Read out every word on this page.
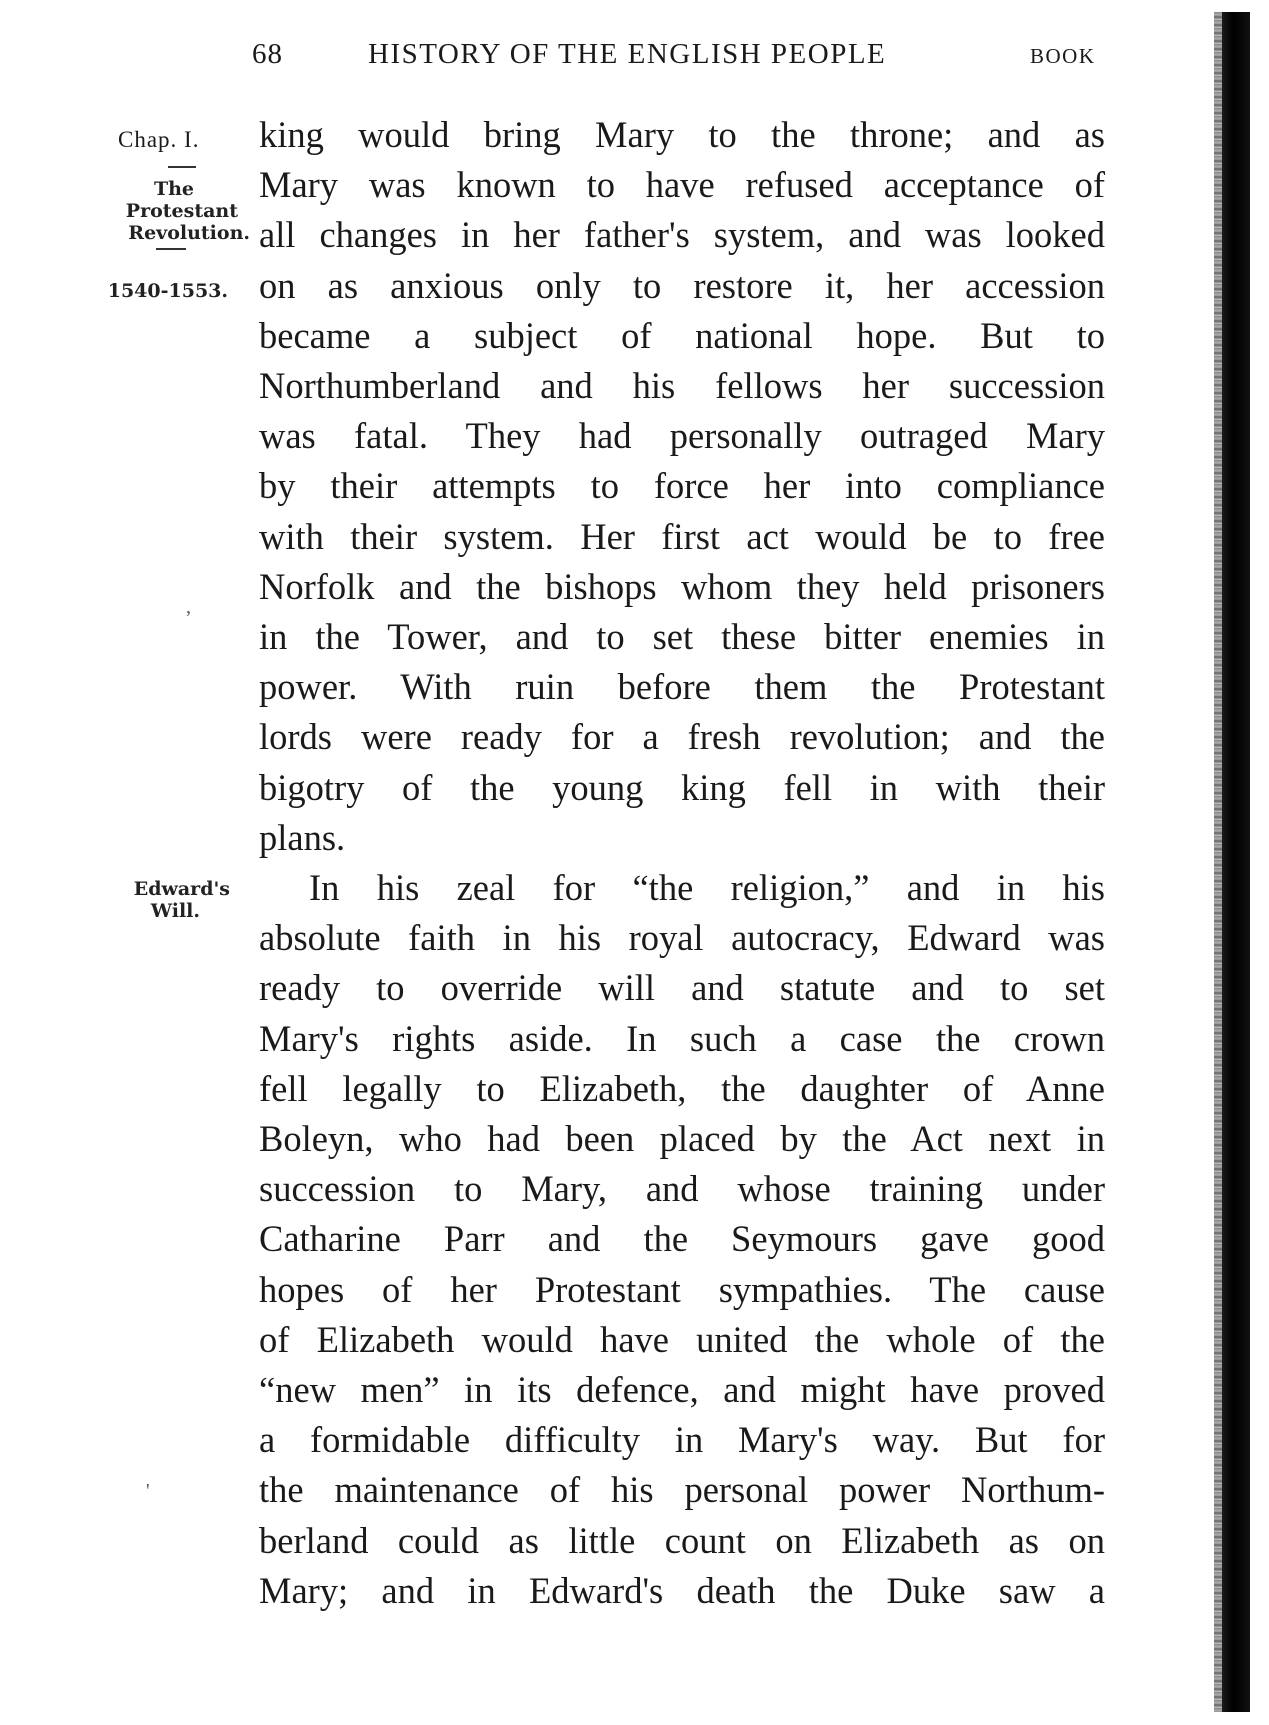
68	HISTORY OF THE ENGLISH PEOPLE	BOOK
Chap. I.
The
Protestant
Revolution.
1540-1553.
Edward's
Will.
,
'
king would bring Mary to the throne; and as
Mary was known to have refused acceptance of
all changes in her father's system, and was looked
on as anxious only to restore it, her accession
became a subject of national hope. But to
Northumberland and his fellows her succession
was fatal. They had personally outraged Mary
by their attempts to force her into compliance
with their system. Her first act would be to free
Norfolk and the bishops whom they held prisoners
in the Tower, and to set these bitter enemies in
power. With ruin before them the Protestant
lords were ready for a fresh revolution; and the
bigotry of the young king fell in with their
plans.
In his zeal for “the religion,” and in his
absolute faith in his royal autocracy, Edward was
ready to override will and statute and to set
Mary's rights aside. In such a case the crown
fell legally to Elizabeth, the daughter of Anne
Boleyn, who had been placed by the Act next in
succession to Mary, and whose training under
Catharine Parr and the Seymours gave good
hopes of her Protestant sympathies. The cause
of Elizabeth would have united the whole of the
“new men” in its defence, and might have proved
a formidable difficulty in Mary's way. But for
the maintenance of his personal power Northum-
berland could as little count on Elizabeth as on
Mary; and in Edward's death the Duke saw a
